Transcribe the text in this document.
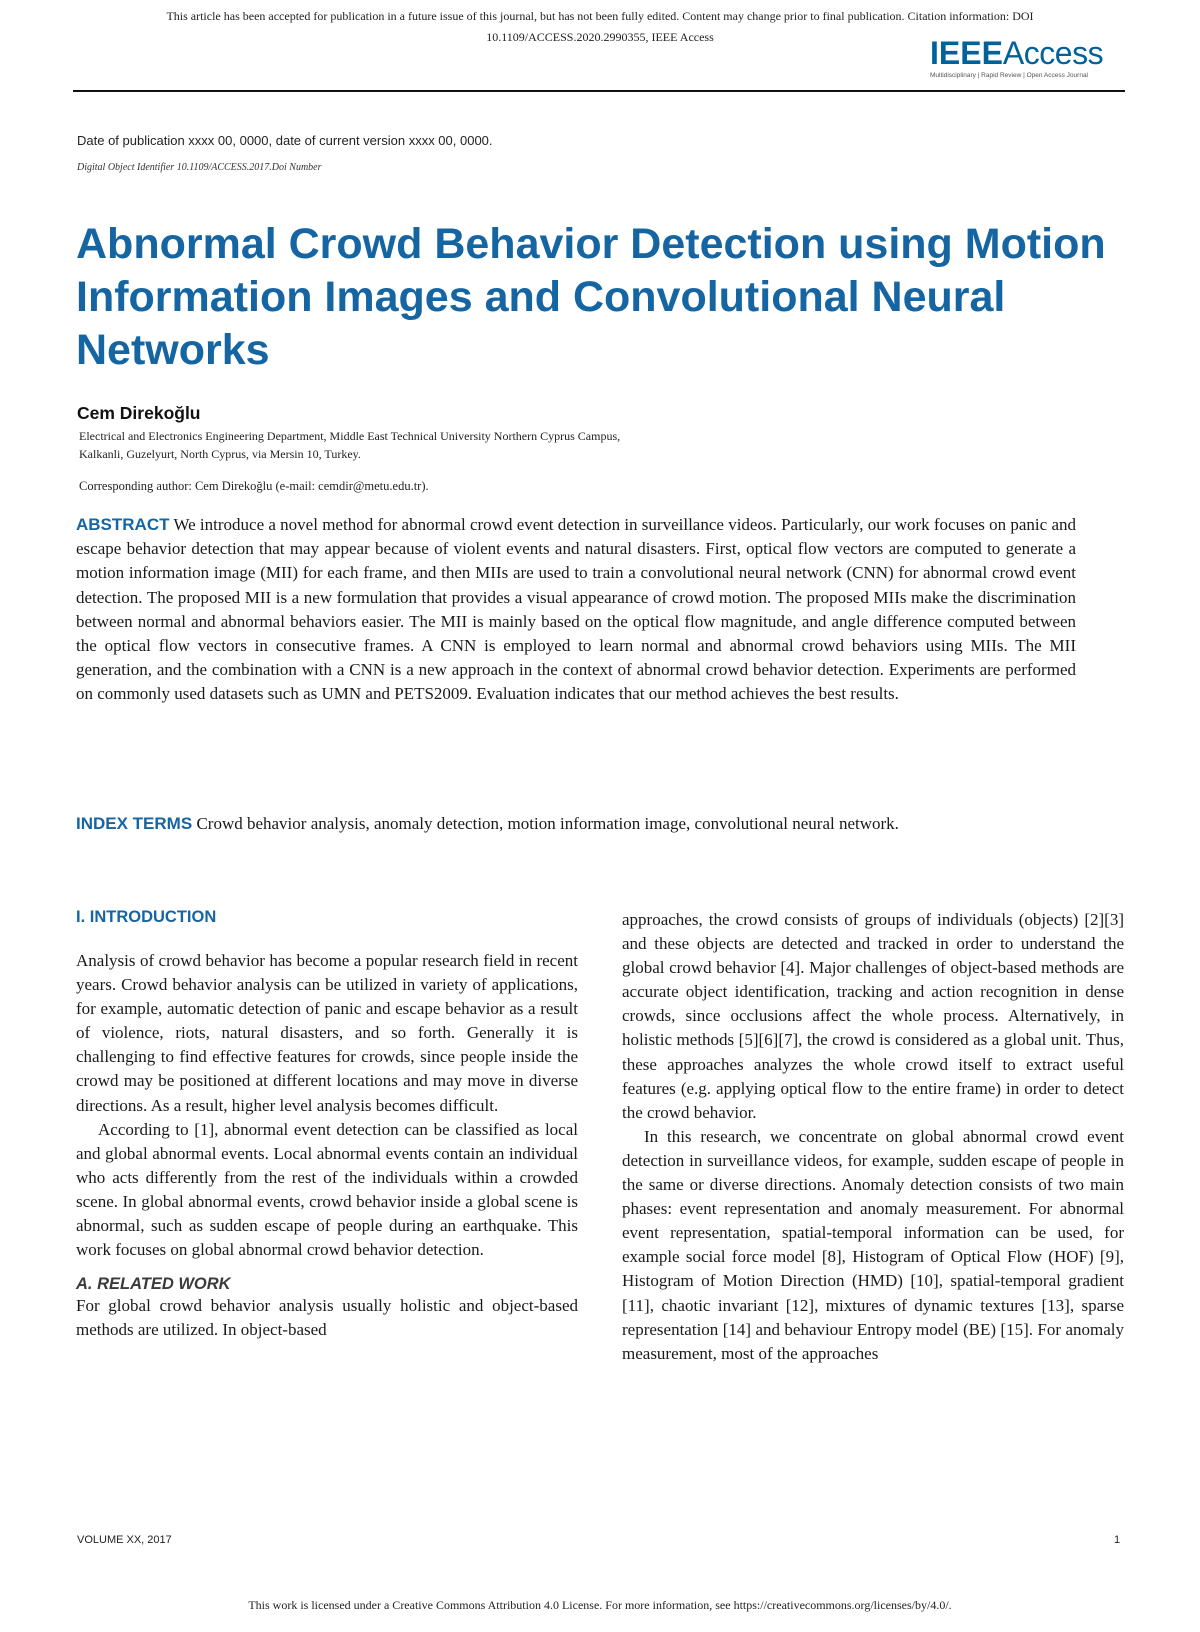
This article has been accepted for publication in a future issue of this journal, but has not been fully edited. Content may change prior to final publication. Citation information: DOI
10.1109/ACCESS.2020.2990355, IEEE Access	IEEEAccess
Multidisciplinary | Rapid Review | Open Access Journal
Date of publication xxxx 00, 0000, date of current version xxxx 00, 0000.
Digital Object Identifier 10.1109/ACCESS.2017.Doi Number
Abnormal Crowd Behavior Detection using Motion Information Images and Convolutional Neural Networks
Cem Direkoğlu
Electrical and Electronics Engineering Department, Middle East Technical University Northern Cyprus Campus,
Kalkanli, Guzelyurt, North Cyprus, via Mersin 10, Turkey.
Corresponding author: Cem Direkoğlu (e-mail: cemdir@metu.edu.tr).

ABSTRACT We introduce a novel method for abnormal crowd event detection in surveillance videos. Particularly, our work focuses on panic and escape behavior detection that may appear because of violent events and natural disasters. First, optical flow vectors are computed to generate a motion information image (MII) for each frame, and then MIIs are used to train a convolutional neural network (CNN) for abnormal crowd event detection. The proposed MII is a new formulation that provides a visual appearance of crowd motion. The proposed MIIs make the discrimination between normal and abnormal behaviors easier. The MII is mainly based on the optical flow magnitude, and angle difference computed between the optical flow vectors in consecutive frames. A CNN is employed to learn normal and abnormal crowd behaviors using MIIs. The MII generation, and the combination with a CNN is a new approach in the context of abnormal crowd behavior detection. Experiments are performed on commonly used datasets such as UMN and PETS2009. Evaluation indicates that our method achieves the best results.

INDEX TERMS Crowd behavior analysis, anomaly detection, motion information image, convolutional neural network.

I. INTRODUCTION

Analysis of crowd behavior has become a popular research field in recent years. Crowd behavior analysis can be utilized in variety of applications, for example, automatic detection of panic and escape behavior as a result of violence, riots, natural disasters, and so forth. Generally it is challenging to find effective features for crowds, since people inside the crowd may be positioned at different locations and may move in diverse directions. As a result, higher level analysis becomes difficult.

According to [1], abnormal event detection can be classified as local and global abnormal events. Local abnormal events contain an individual who acts differently from the rest of the individuals within a crowded scene. In global abnormal events, crowd behavior inside a global scene is abnormal, such as sudden escape of people during an earthquake. This work focuses on global abnormal crowd behavior detection.

A. RELATED WORK

For global crowd behavior analysis usually holistic and object-based methods are utilized. In object-based

approaches, the crowd consists of groups of individuals (objects) [2][3] and these objects are detected and tracked in order to understand the global crowd behavior [4]. Major challenges of object-based methods are accurate object identification, tracking and action recognition in dense crowds, since occlusions affect the whole process. Alternatively, in holistic methods [5][6][7], the crowd is considered as a global unit. Thus, these approaches analyzes the whole crowd itself to extract useful features (e.g. applying optical flow to the entire frame) in order to detect the crowd behavior.

In this research, we concentrate on global abnormal crowd event detection in surveillance videos, for example, sudden escape of people in the same or diverse directions. Anomaly detection consists of two main phases: event representation and anomaly measurement. For abnormal event representation, spatial-temporal information can be used, for example social force model [8], Histogram of Optical Flow (HOF) [9], Histogram of Motion Direction (HMD) [10], spatial-temporal gradient [11], chaotic invariant [12], mixtures of dynamic textures [13], sparse representation [14] and behaviour Entropy model (BE) [15]. For anomaly measurement, most of the approaches

VOLUME XX, 2017	1
This work is licensed under a Creative Commons Attribution 4.0 License. For more information, see https://creativecommons.org/licenses/by/4.0/.
